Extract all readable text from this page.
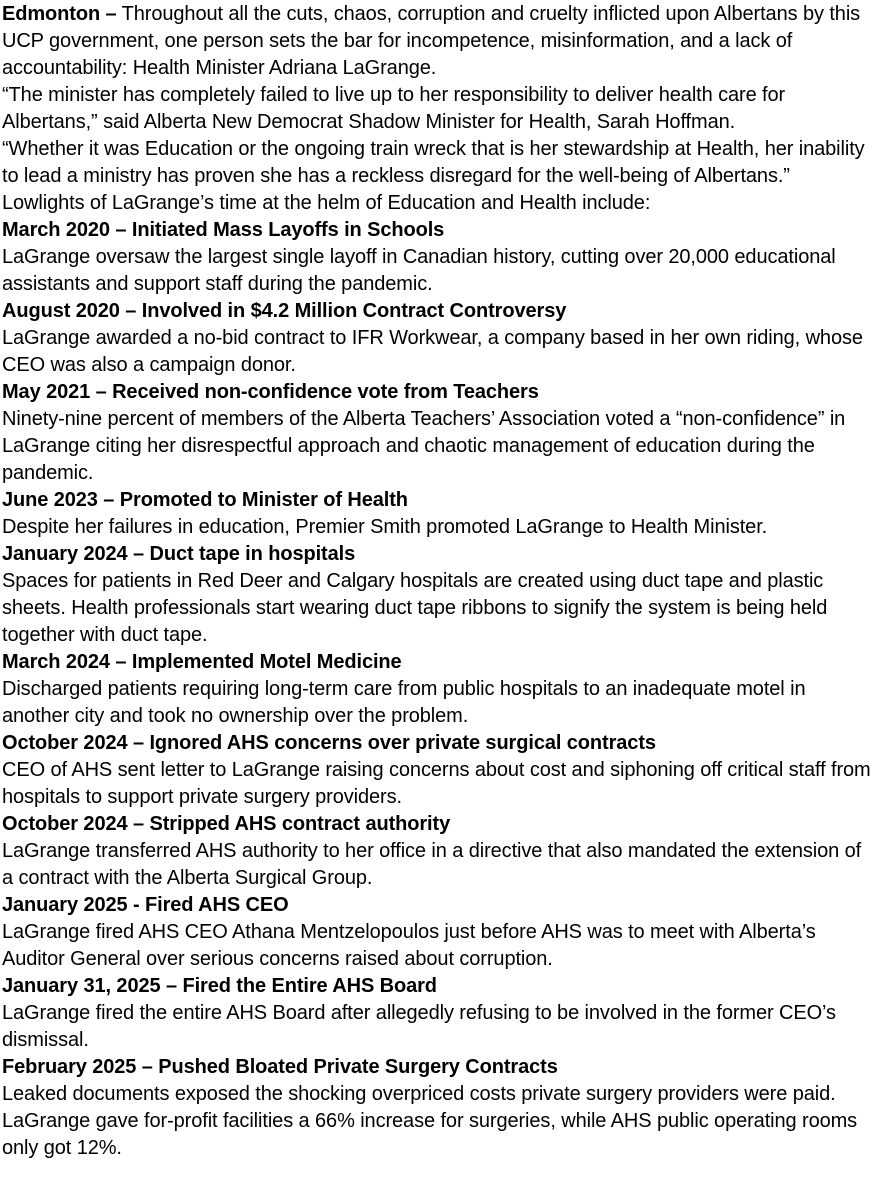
Edmonton – Throughout all the cuts, chaos, corruption and cruelty inflicted upon Albertans by this UCP government, one person sets the bar for incompetence, misinformation, and a lack of accountability: Health Minister Adriana LaGrange.

“The minister has completely failed to live up to her responsibility to deliver health care for Albertans,” said Alberta New Democrat Shadow Minister for Health, Sarah Hoffman.

“Whether it was Education or the ongoing train wreck that is her stewardship at Health, her inability to lead a ministry has proven she has a reckless disregard for the well-being of Albertans.”

Lowlights of LaGrange’s time at the helm of Education and Health include:

March 2020 – Initiated Mass Layoffs in Schools

LaGrange oversaw the largest single layoff in Canadian history, cutting over 20,000 educational assistants and support staff during the pandemic.

August 2020 – Involved in $4.2 Million Contract Controversy

LaGrange awarded a no-bid contract to IFR Workwear, a company based in her own riding, whose CEO was also a campaign donor.

May 2021 – Received non-confidence vote from Teachers

Ninety-nine percent of members of the Alberta Teachers’ Association voted a “non-confidence” in LaGrange citing her disrespectful approach and chaotic management of education during the pandemic.

June 2023 – Promoted to Minister of Health

Despite her failures in education, Premier Smith promoted LaGrange to Health Minister.

January 2024 – Duct tape in hospitals

Spaces for patients in Red Deer and Calgary hospitals are created using duct tape and plastic sheets. Health professionals start wearing duct tape ribbons to signify the system is being held together with duct tape.

March 2024 – Implemented Motel Medicine

Discharged patients requiring long-term care from public hospitals to an inadequate motel in another city and took no ownership over the problem.

October 2024 – Ignored AHS concerns over private surgical contracts

CEO of AHS sent letter to LaGrange raising concerns about cost and siphoning off critical staff from hospitals to support private surgery providers.

October 2024 – Stripped AHS contract authority

LaGrange transferred AHS authority to her office in a directive that also mandated the extension of a contract with the Alberta Surgical Group.

January 2025 - Fired AHS CEO

LaGrange fired AHS CEO Athana Mentzelopoulos just before AHS was to meet with Alberta’s Auditor General over serious concerns raised about corruption.

January 31, 2025 – Fired the Entire AHS Board

LaGrange fired the entire AHS Board after allegedly refusing to be involved in the former CEO’s dismissal.

February 2025 – Pushed Bloated Private Surgery Contracts

Leaked documents exposed the shocking overpriced costs private surgery providers were paid. LaGrange gave for-profit facilities a 66% increase for surgeries, while AHS public operating rooms only got 12%.
